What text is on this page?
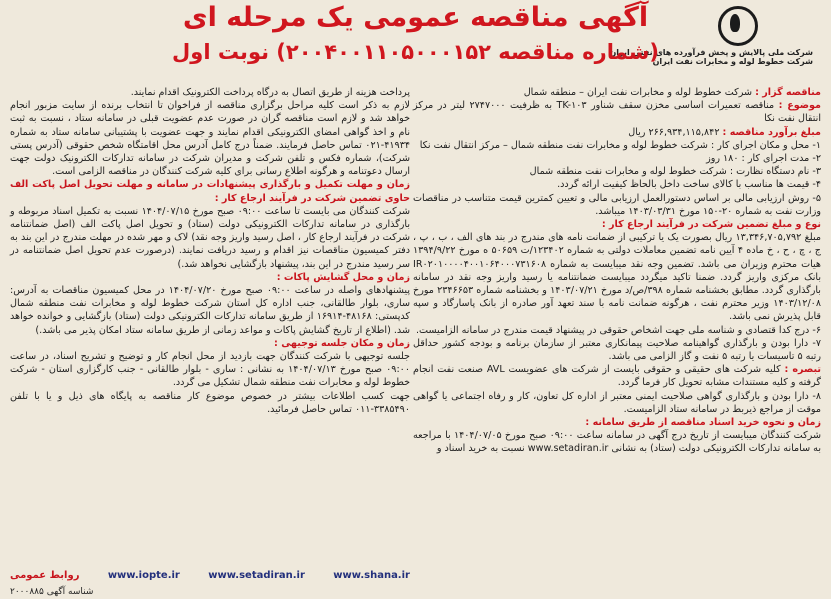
شرکت ملی پالایش و پخش فرآورده های نفتی ایران
شرکت خطوط لوله و مخابرات نفت ایران
آگهی مناقصه عمومی یک مرحله ای
(شماره مناقصه ۲۰۰۴۰۰۱۱۰۵۰۰۰۱۵۲) نوبت اول

مناقصه گزار : شرکت خطوط لوله و مخابرات نفت ایران – منطقه شمال

موضوع : مناقصه تعمیرات اساسی مخزن سقف شناور TK-۱۰۳ به ظرفیت ۲۷۴۷۰۰۰ لیتر در مرکز انتقال نفت نکا

مبلغ برآورد مناقصه : ۲۶۶,۹۳۴,۱۱۵,۸۴۲ ریال

۱- محل و مکان اجرای کار : شرکت خطوط لوله و مخابرات نفت منطقه شمال – مرکز انتقال نفت نکا

۲- مدت اجرای کار : ۱۸۰ روز

۳- نام دستگاه نظارت : شرکت خطوط لوله و مخابرات نفت منطقه شمال

۴- قیمت ها مناسب با کالای ساخت داخل بالحاظ کیفیت ارائه گردد.

۵- روش ارزیابی مالی بر اساس دستورالعمل ارزیابی مالی و تعیین کمترین قیمت متناسب در مناقصات وزارت نفت به شماره ۲۰-۱۵۰ مورخ ۱۴۰۳/۰۳/۳۱ میباشد.

نوع و مبلغ تضمین شرکت در فرآیند ارجاع کار :

مبلغ ۱۳,۳۴۶,۷۰۵,۷۹۲ ریال بصورت یک یا ترکیبی از ضمانت نامه های مندرج در بند های الف ، ب ، پ ، ج ، چ ، ح ، خ ماده ۴ آیین نامه تضمین معاملات دولتی به شماره ۱۲۳۴۰۲/ت ۵۰۶۵۹ ه مورخ ۱۳۹۴/۹/۲۲ هیات محترم وزیران می باشد. تضمین وجه نقد میبایست به شماره IR۰۲۰۱۰۰۰۰۴۰۰۱۰۶۴۰۰۰۷۳۱۶۰۸ بانک مرکزی واریز گردد. ضمنا تاکید میگردد میبایست ضمانتنامه یا رسید واریز وجه نقد در سامانه بارگذاری گردد. مطابق بخشنامه شماره ۳۹۸/ص/د مورخ ۱۴۰۳/۰۷/۲۱ و بخشنامه شماره ۲۳۴۶۶۵۳ مورخ ۱۴۰۳/۱۲/۰۸ وزیر محترم نفت ، هرگونه ضمانت نامه با سند تعهد آور صادره از بانک پاسارگاد و سپه قابل پذیرش نمی باشد.

۶- درج کدا قتصادی و شناسه ملی جهت اشخاص حقوقی در پیشنهاد قیمت مندرج در سامانه الزامیست.

۷- دارا بودن و بارگذاری گواهینامه صلاحیت پیمانکاری معتبر از سازمان برنامه و بودجه کشور حداقل رتبه ۵ تاسیسات یا رتبه ۵ نفت و گاز الزامی می باشد.

تبصره : کلیه شرکت های حقیقی و حقوقی بایست از شرکت های عضویست AVL صنعت نفت انجام گرفته و کلیه مستندات مشابه تحویل کار فرما گردد.

۸- دارا بودن و بارگذاری گواهی صلاحیت ایمنی معتبر از اداره کل تعاون، کار و رفاه اجتماعی یا گواهی موقت از مراجع ذیربط در سامانه ستاد الزامیست.

زمان و نحوه خرید اسناد مناقصه از طریق سامانه :

شرکت کنندگان میبایست از تاریخ درج آگهی در سامانه ساعت ۰۹:۰۰ صبح مورخ ۱۴۰۴/۰۷/۰۵ با مراجعه به سامانه تدارکات الکترونیکی دولت (ستاد) به نشانی www.setadiran.ir نسبت به خرید اسناد و

پرداخت هزینه از طریق اتصال به درگاه پرداخت الکترونیک اقدام نمایند.

لازم به ذکر است کلیه مراحل برگزاری مناقصه از فراخوان تا انتخاب برنده از سایت مزبور انجام خواهد شد و لازم است مناقصه گران در صورت عدم عضویت قبلی در سامانه ستاد ، نسبت به ثبت نام و اخذ گواهی امضای الکترونیکی اقدام نمایند و جهت عضویت با پشتیبانی سامانه ستاد به شماره ۴۱۹۳۴-۰۲۱ تماس حاصل فرمایند. ضمناً درج کامل آدرس محل اقامتگاه شخص حقوقی (آدرس پستی شرکت)، شماره فکس و تلفن شرکت و مدیران شرکت در سامانه تدارکات الکترونیک دولت جهت ارسال دعوتنامه و هرگونه اطلاع رسانی برای کلیه شرکت کنندگان در مناقصه الزامی است.

زمان و مهلت تکمیل و بارگذاری پیشنهادات در سامانه و مهلت تحویل اصل پاکت الف حاوی تضمین شرکت در فرآیند ارجاع کار :

شرکت کنندگان می بایست تا ساعت ۰۹:۰۰ صبح مورخ ۱۴۰۴/۰۷/۱۵ نسبت به تکمیل اسناد مربوطه و بارگذاری در سامانه تدارکات الکترونیکی دولت (ستاد) و تحویل اصل پاکت الف (اصل ضمانتنامه شرکت در فرآیند ارجاع کار ، اصل رسید واریز وجه نقد) لاک و مهر شده در مهلت مندرج در این بند به دفتر کمیسیون مناقصات نیز اقدام و رسید دریافت نمایند. (درصورت عدم تحویل اصل ضمانتنامه در سر رسید مندرج در این بند، پیشنهاد بازگشایی نخواهد شد.)

زمان و محل گشایش پاکات :

پیشنهادهای واصله در ساعت ۰۹:۰۰ صبح مورخ ۱۴۰۴/۰۷/۲۰ در محل کمیسیون مناقصات به آدرس: ساری، بلوار طالقانی، جنب اداره کل استان شرکت خطوط لوله و مخابرات نفت منطقه شمال کدپستی: ۴۸۱۶۸-۱۶۹۱۴ از طریق سامانه تدارکات الکترونیکی دولت (ستاد) بازگشایی و خوانده خواهد شد. (اطلاع از تاریخ گشایش پاکات و مواعد زمانی از طریق سامانه ستاد امکان پذیر می باشد.)

زمان و مکان جلسه توجیهی :

جلسه توجیهی با شرکت کنندگان جهت بازدید از محل انجام کار و توضیح و تشریح اسناد، در ساعت ۰۹:۰۰ صبح مورخ ۱۴۰۴/۰۷/۱۳ به نشانی : ساری - بلوار طالقانی - جنب کارگزاری استان - شرکت خطوط لوله و مخابرات نفت منطقه شمال تشکیل می گردد.

جهت کسب اطلاعات بیشتر در خصوص موضوع کار مناقصه به پایگاه های ذیل و یا با تلفن ۳۳۸۵۴۹۰-۰۱۱ تماس حاصل فرمائید.

روابط عمومی	www.iopte.ir	www.setadiran.ir	www.shana.ir
شناسه آگهی ۲۰۰۰۸۸۵
